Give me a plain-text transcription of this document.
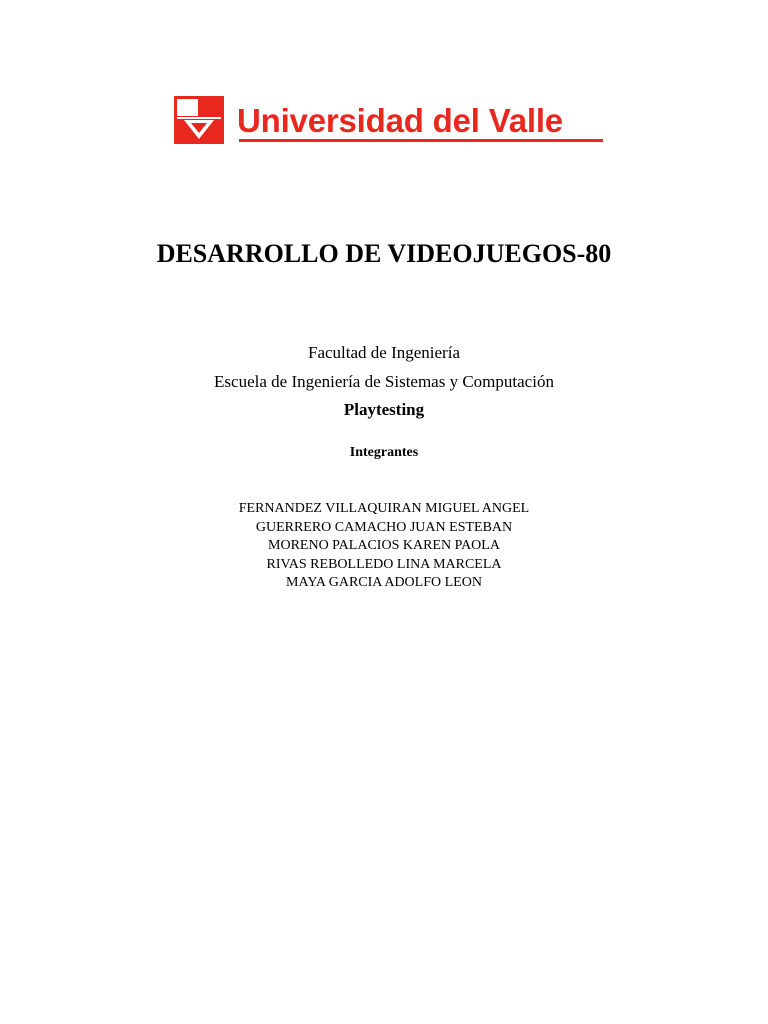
Universidad del Valle
DESARROLLO DE VIDEOJUEGOS-80
Facultad de Ingeniería
Escuela de Ingeniería de Sistemas y Computación
Playtesting
Integrantes
FERNANDEZ VILLAQUIRAN MIGUEL ANGEL
GUERRERO CAMACHO JUAN ESTEBAN
MORENO PALACIOS KAREN PAOLA
RIVAS REBOLLEDO LINA MARCELA
MAYA GARCIA ADOLFO LEON
